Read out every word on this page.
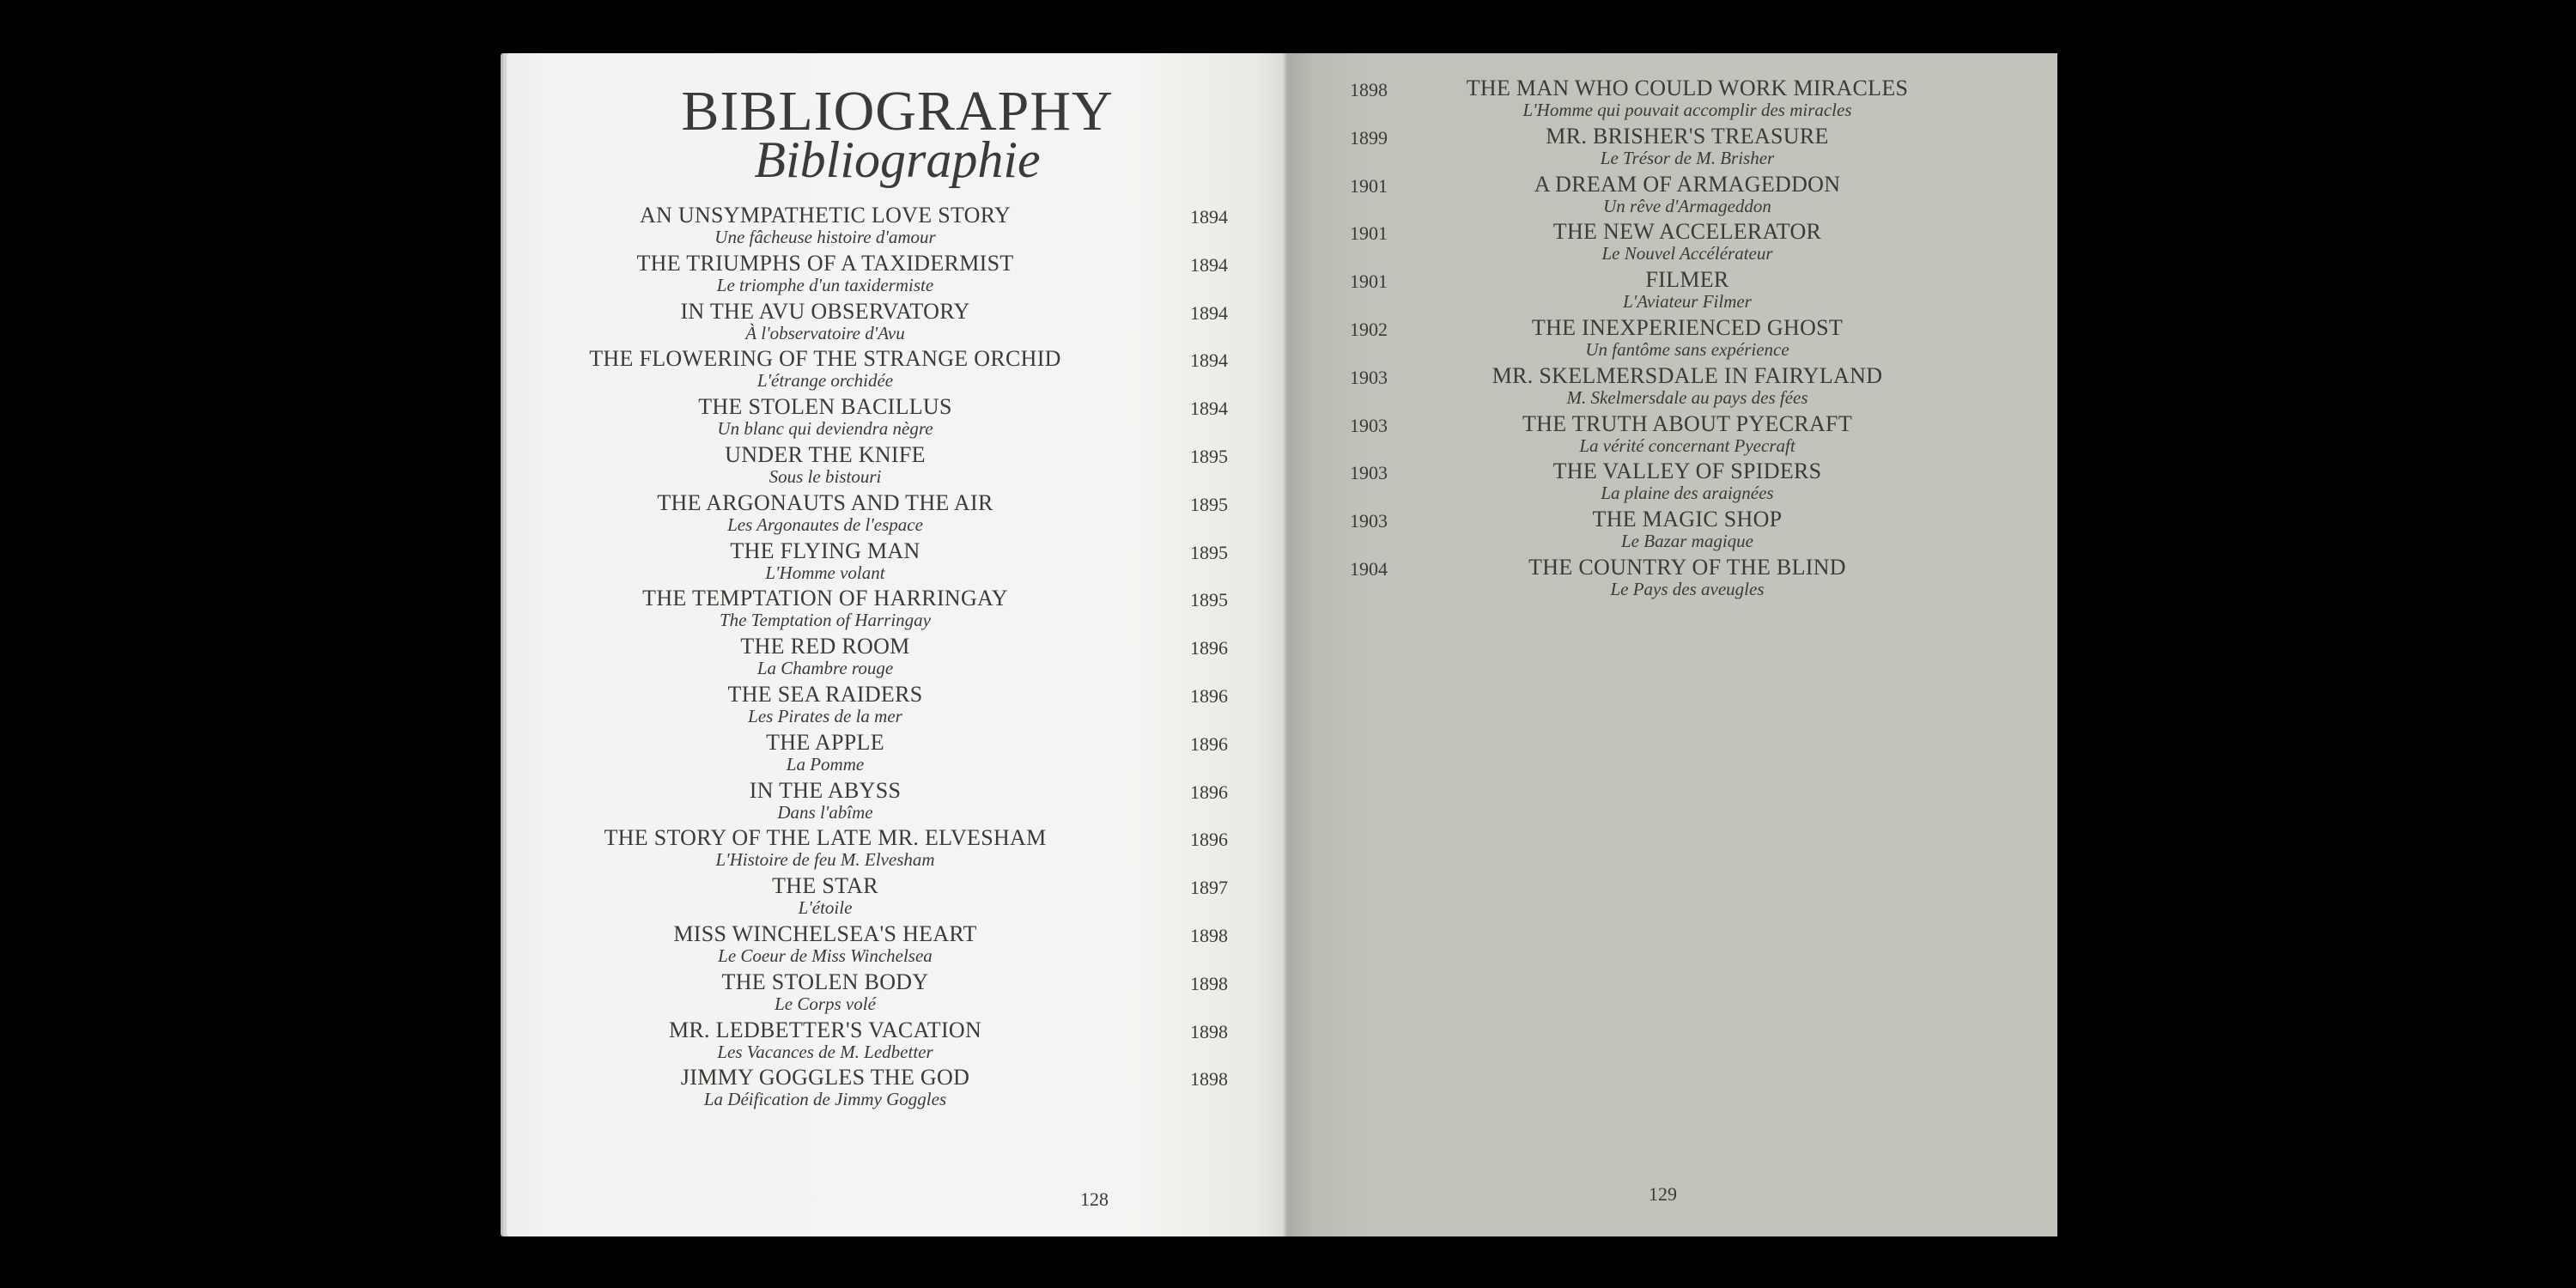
BIBLIOGRAPHY
Bibliographie
128
AN UNSYMPATHETIC LOVE STORY
Une fâcheuse histoire d'amour
1894
THE TRIUMPHS OF A TAXIDERMIST
Le triomphe d'un taxidermiste
1894
IN THE AVU OBSERVATORY
À l'observatoire d'Avu
1894
THE FLOWERING OF THE STRANGE ORCHID
L'étrange orchidée
1894
THE STOLEN BACILLUS
Un blanc qui deviendra nègre
1894
UNDER THE KNIFE
Sous le bistouri
1895
THE ARGONAUTS AND THE AIR
Les Argonautes de l'espace
1895
THE FLYING MAN
L'Homme volant
1895
THE TEMPTATION OF HARRINGAY
The Temptation of Harringay
1895
THE RED ROOM
La Chambre rouge
1896
THE SEA RAIDERS
Les Pirates de la mer
1896
THE APPLE
La Pomme
1896
IN THE ABYSS
Dans l'abîme
1896
THE STORY OF THE LATE MR. ELVESHAM
L'Histoire de feu M. Elvesham
1896
THE STAR
L'étoile
1897
MISS WINCHELSEA'S HEART
Le Coeur de Miss Winchelsea
1898
THE STOLEN BODY
Le Corps volé
1898
MR. LEDBETTER'S VACATION
Les Vacances de M. Ledbetter
1898
JIMMY GOGGLES THE GOD
La Déification de Jimmy Goggles
1898
129
THE MAN WHO COULD WORK MIRACLES
L'Homme qui pouvait accomplir des miracles
1898
MR. BRISHER'S TREASURE
Le Trésor de M. Brisher
1899
A DREAM OF ARMAGEDDON
Un rêve d'Armageddon
1901
THE NEW ACCELERATOR
Le Nouvel Accélérateur
1901
FILMER
L'Aviateur Filmer
1901
THE INEXPERIENCED GHOST
Un fantôme sans expérience
1902
MR. SKELMERSDALE IN FAIRYLAND
M. Skelmersdale au pays des fées
1903
THE TRUTH ABOUT PYECRAFT
La vérité concernant Pyecraft
1903
THE VALLEY OF SPIDERS
La plaine des araignées
1903
THE MAGIC SHOP
Le Bazar magique
1903
THE COUNTRY OF THE BLIND
Le Pays des aveugles
1904
